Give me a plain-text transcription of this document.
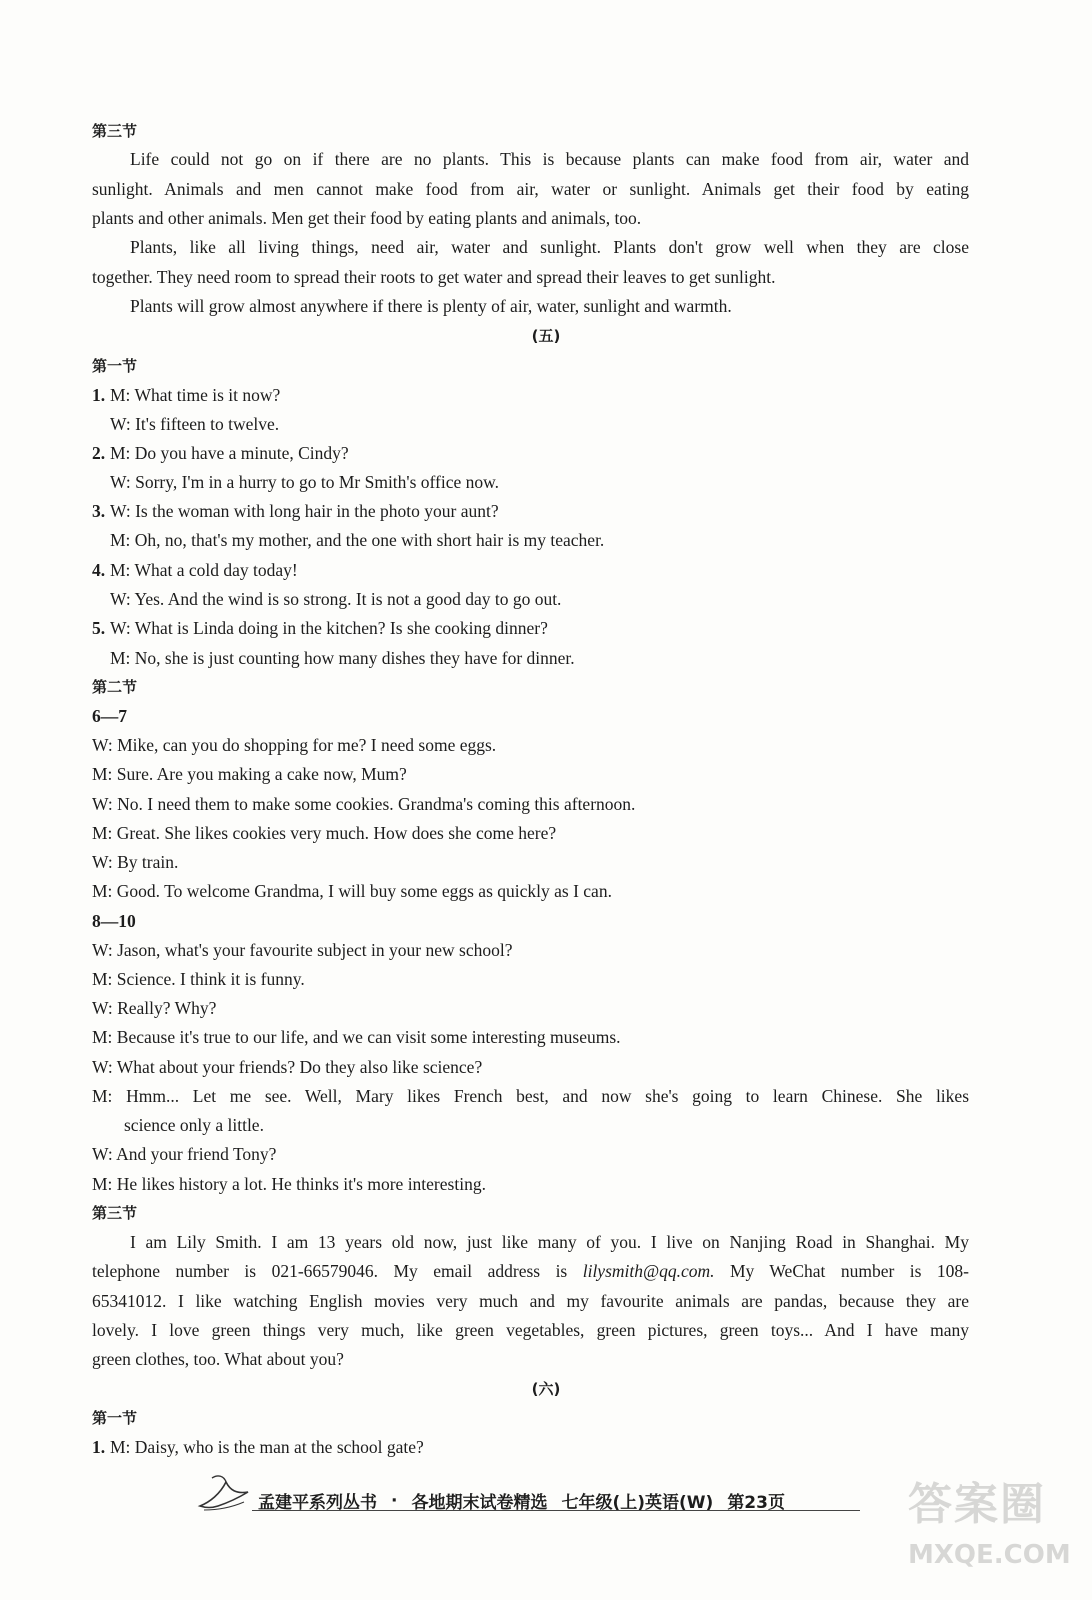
第三节
Life could not go on if there are no plants. This is because plants can make food from air, water and
sunlight. Animals and men cannot make food from air, water or sunlight. Animals get their food by eating
plants and other animals. Men get their food by eating plants and animals, too.
Plants, like all living things, need air, water and sunlight. Plants don't grow well when they are close
together. They need room to spread their roots to get water and spread their leaves to get sunlight.
Plants will grow almost anywhere if there is plenty of air, water, sunlight and warmth.
(五)
第一节
1. M: What time is it now?
W: It's fifteen to twelve.
2. M: Do you have a minute, Cindy?
W: Sorry, I'm in a hurry to go to Mr Smith's office now.
3. W: Is the woman with long hair in the photo your aunt?
M: Oh, no, that's my mother, and the one with short hair is my teacher.
4. M: What a cold day today!
W: Yes. And the wind is so strong. It is not a good day to go out.
5. W: What is Linda doing in the kitchen? Is she cooking dinner?
M: No, she is just counting how many dishes they have for dinner.
第二节
6—7
W: Mike, can you do shopping for me? I need some eggs.
M: Sure. Are you making a cake now, Mum?
W: No. I need them to make some cookies. Grandma's coming this afternoon.
M: Great. She likes cookies very much. How does she come here?
W: By train.
M: Good. To welcome Grandma, I will buy some eggs as quickly as I can.
8—10
W: Jason, what's your favourite subject in your new school?
M: Science. I think it is funny.
W: Really? Why?
M: Because it's true to our life, and we can visit some interesting museums.
W: What about your friends? Do they also like science?
M: Hmm... Let me see. Well, Mary likes French best, and now she's going to learn Chinese. She likes
science only a little.
W: And your friend Tony?
M: He likes history a lot. He thinks it's more interesting.
第三节
I am Lily Smith. I am 13 years old now, just like many of you. I live on Nanjing Road in Shanghai. My
telephone number is 021-66579046. My email address is lilysmith@qq.com. My WeChat number is 108-
65341012. I like watching English movies very much and my favourite animals are pandas, because they are
lovely. I love green things very much, like green vegetables, green pictures, green toys... And I have many
green clothes, too. What about you?
(六)
第一节
1. M: Daisy, who is the man at the school gate?
孟建平系列丛书 · 各地期末试卷精选 七年级(上)英语(W) 第23页	答案圈
MXQE.COM
